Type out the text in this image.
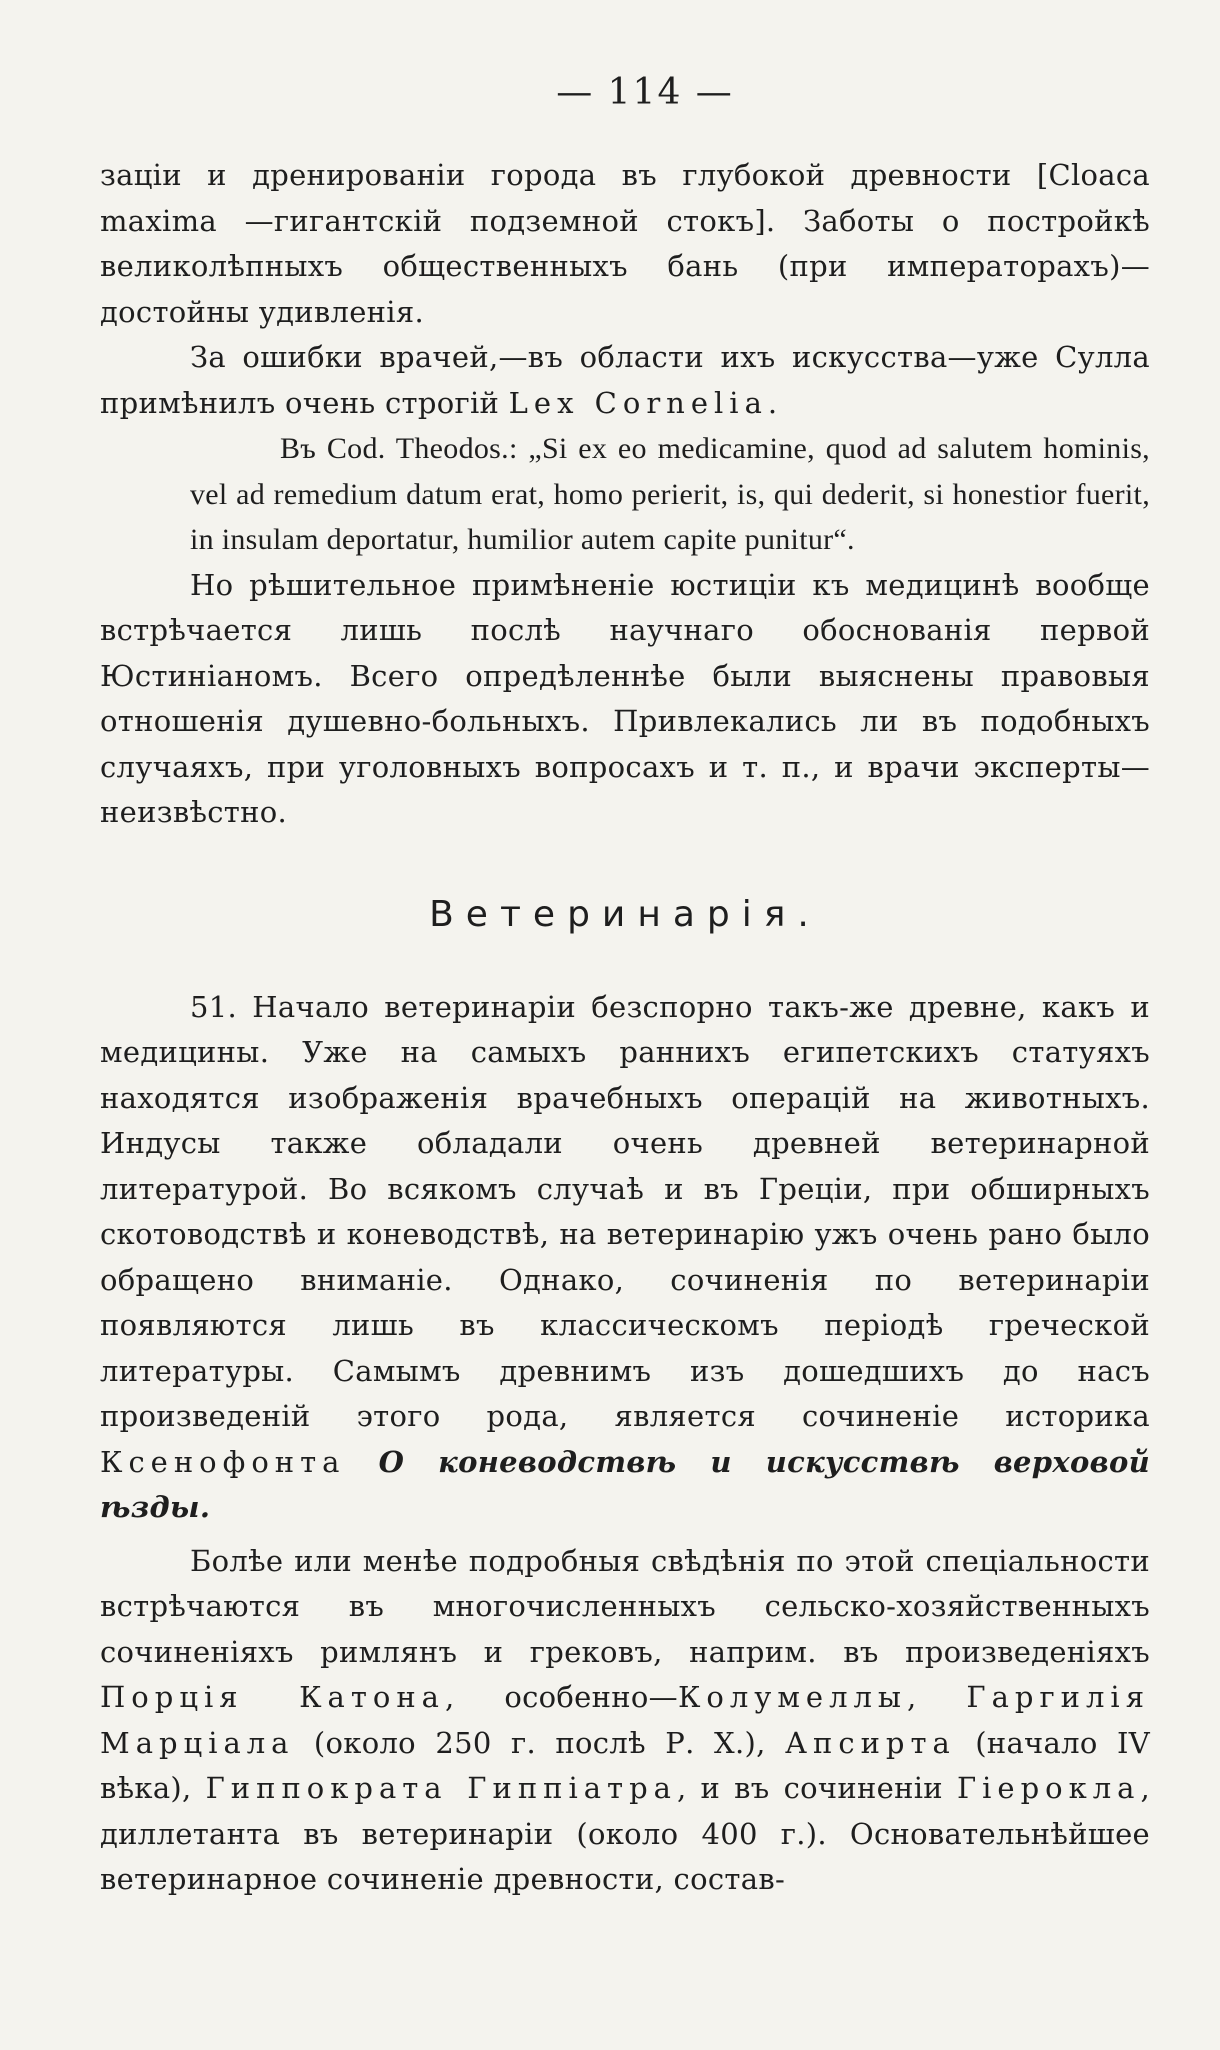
— 114 —

заціи и дренированіи города въ глубокой древности [Cloaca maxima —гигантскій подземной стокъ]. Заботы о постройкѣ великолѣпныхъ общественныхъ бань (при императорахъ)—достойны удивленія.

За ошибки врачей,—въ области ихъ искусства—уже Сулла примѣнилъ очень строгій Lex Cornelia.

Въ Cod. Theodos.: „Si ex eo medicamine, quod ad salutem hominis, vel ad remedium datum erat, homo perierit, is, qui dederit, si honestior fuerit, in insulam deportatur, humilior autem capite punitur“.

Но рѣшительное примѣненіе юстиціи къ медицинѣ вообще встрѣчается лишь послѣ научнаго обоснованія первой Юстиніаномъ. Всего опредѣленнѣе были выяснены правовыя отношенія душевно-больныхъ. Привлекались ли въ подобныхъ случаяхъ, при уголовныхъ вопросахъ и т. п., и врачи эксперты—неизвѣстно.

Ветеринарія.

51. Начало ветеринаріи безспорно такъ-же древне, какъ и медицины. Уже на самыхъ раннихъ египетскихъ статуяхъ находятся изображенія врачебныхъ операцій на животныхъ. Индусы также обладали очень древней ветеринарной литературой. Во всякомъ случаѣ и въ Греціи, при обширныхъ скотоводствѣ и коневодствѣ, на ветеринарію ужъ очень рано было обращено вниманіе. Однако, сочиненія по ветеринаріи появляются лишь въ классическомъ періодѣ греческой литературы. Самымъ древнимъ изъ дошедшихъ до насъ произведеній этого рода, является сочиненіе историка Ксенофонта О коневодствѣ и искусствѣ верховой ѣзды.

Болѣе или менѣе подробныя свѣдѣнія по этой спеціальности встрѣчаются въ многочисленныхъ сельско-хозяйственныхъ сочиненіяхъ римлянъ и грековъ, наприм. въ произведеніяхъ Порція Катона, особенно—Колумеллы, Гаргилія Марціала (около 250 г. послѣ Р. Х.), Апсирта (начало IV вѣка), Гиппократа Гиппіатра, и въ сочиненіи Гіерокла, диллетанта въ ветеринаріи (около 400 г.). Основательнѣйшее ветеринарное сочиненіе древности, состав-
